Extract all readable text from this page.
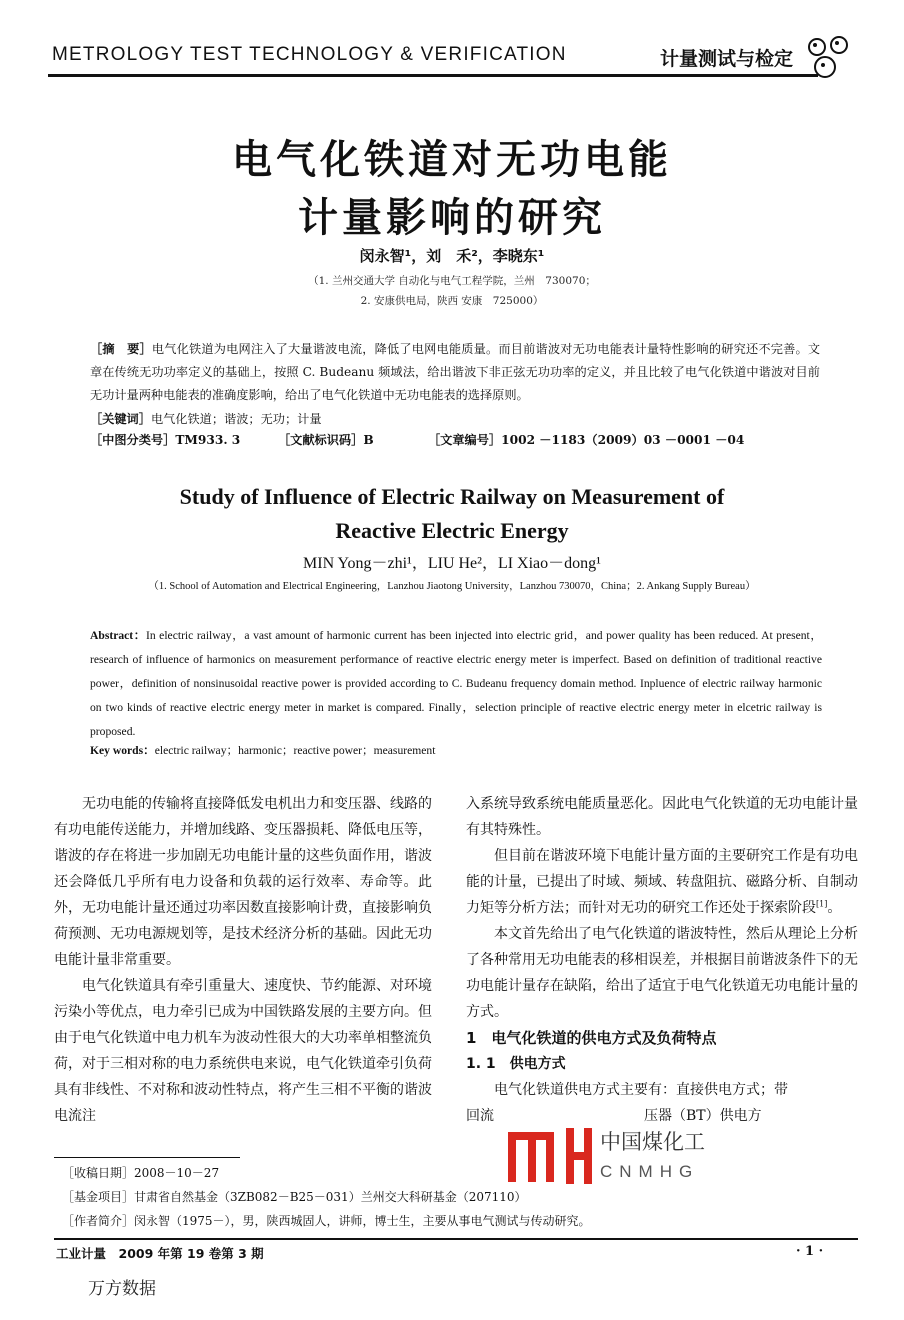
METROLOGY TEST TECHNOLOGY & VERIFICATION	计量测试与检定
电气化铁道对无功电能
计量影响的研究
闵永智¹，刘　禾²，李晓东¹
（1. 兰州交通大学 自动化与电气工程学院，兰州　730070；
2. 安康供电局，陕西 安康　725000）
［摘　要］电气化铁道为电网注入了大量谐波电流，降低了电网电能质量。而目前谐波对无功电能表计量特性影响的研究还不完善。文章在传统无功功率定义的基础上，按照 C. Budeanu 频域法，给出谐波下非正弦无功功率的定义，并且比较了电气化铁道中谐波对目前无功计量两种电能表的准确度影响，给出了电气化铁道中无功电能表的选择原则。
［关键词］电气化铁道；谐波；无功；计量
［中图分类号］TM933. 3	［文献标识码］B	［文章编号］1002 －1183（2009）03 －0001 －04
Study of Influence of Electric Railway on Measurement of
Reactive Electric Energy
MIN Yong－zhi¹，LIU He²，LI Xiao－dong¹
（1. School of Automation and Electrical Engineering，Lanzhou Jiaotong University，Lanzhou 730070，China；2. Ankang Supply Bureau）
Abstract：In electric railway，a vast amount of harmonic current has been injected into electric grid，and power quality has been reduced. At present，research of influence of harmonics on measurement performance of reactive electric energy meter is imperfect. Based on definition of traditional reactive power，definition of nonsinusoidal reactive power is provided according to C. Budeanu frequency domain method. Inpluence of electric railway harmonic on two kinds of reactive electric energy meter in market is compared. Finally，selection principle of reactive electric energy meter in elcetric railway is proposed.
Key words：electric railway；harmonic；reactive power；measurement

无功电能的传输将直接降低发电机出力和变压器、线路的有功电能传送能力，并增加线路、变压器损耗、降低电压等，谐波的存在将进一步加剧无功电能计量的这些负面作用，谐波还会降低几乎所有电力设备和负载的运行效率、寿命等。此外，无功电能计量还通过功率因数直接影响计费，直接影响负荷预测、无功电源规划等，是技术经济分析的基础。因此无功电能计量非常重要。

电气化铁道具有牵引重量大、速度快、节约能源、对环境污染小等优点，电力牵引已成为中国铁路发展的主要方向。但由于电气化铁道中电力机车为波动性很大的大功率单相整流负荷，对于三相对称的电力系统供电来说，电气化铁道牵引负荷具有非线性、不对称和波动性特点，将产生三相不平衡的谐波电流注

入系统导致系统电能质量恶化。因此电气化铁道的无功电能计量有其特殊性。

但目前在谐波环境下电能计量方面的主要研究工作是有功电能的计量，已提出了时域、频域、转盘阻抗、磁路分析、自制动力矩等分析方法；而针对无功的研究工作还处于探索阶段[1]。

本文首先给出了电气化铁道的谐波特性，然后从理论上分析了各种常用无功电能表的移相误差，并根据目前谐波条件下的无功电能计量存在缺陷，给出了适宜于电气化铁道无功电能计量的方式。

1　电气化铁道的供电方式及负荷特点

1. 1　供电方式

电气化铁道供电方式主要有：直接供电方式；带

回流	压器（BT）供电方

中国煤化工
CNMHG
［收稿日期］2008－10－27
［基金项目］甘肃省自然基金（3ZB082－B25－031）兰州交大科研基金（207110）
［作者简介］闵永智（1975－），男，陕西城固人，讲师，博士生，主要从事电气测试与传动研究。
工业计量　2009 年第 19 卷第 3 期	· 1 ·
万方数据
